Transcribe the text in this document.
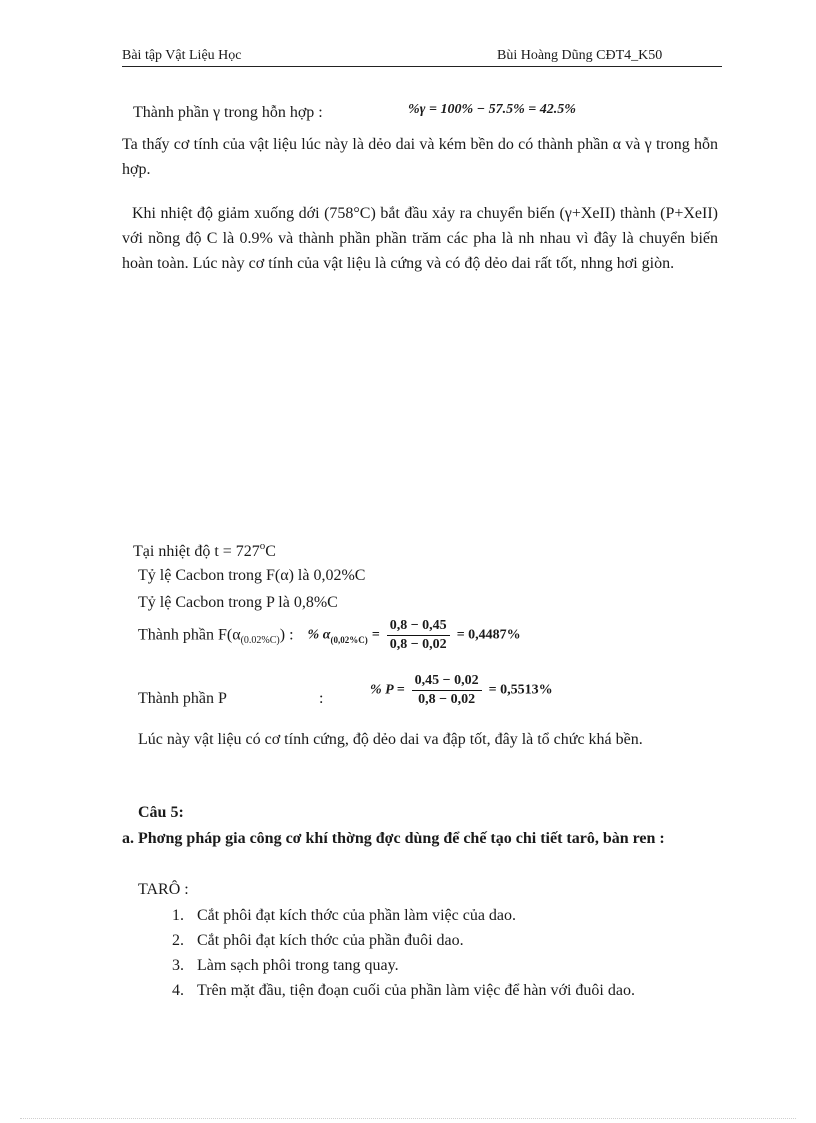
Bài tập Vật Liệu Học	Bùi Hoàng Dũng CĐT4_K50
Thành phần γ trong hỗn hợp :	%γ = 100% − 57.5% = 42.5%
Ta thấy cơ tính của vật liệu lúc này là dẻo dai và kém bền do có thành phần α và γ trong hỗn hợp.
Khi nhiệt độ giảm xuống dới (758°C) bắt đầu xảy ra chuyển biến (γ+XeII) thành (P+XeII) với nồng độ C là 0.9% và thành phần phần trăm các pha là nh nhau vì đây là chuyển biến hoàn toàn. Lúc này cơ tính của vật liệu là cứng và có độ dẻo dai rất tốt, nhng hơi giòn.
Tại nhiệt độ $t = 727^oC$
Tỷ lệ Cacbon trong F(α) là 0,02%C
Tỷ lệ Cacbon trong P là 0,8%C
Thành phần $F(\alpha_{(0.02\%C)})$ : % $\alpha_{(0,02\%C)} = \frac{0,8 - 0,45}{0,8 - 0,02} = 0,4487\%$
Thành phần P	:	% $P = \frac{0,45 - 0,02}{0,8 - 0,02} = 0,5513\%$
Lúc này vật liệu có cơ tính cứng, độ dẻo dai va đập tốt, đây là tổ chức khá bền.
Câu 5:
a. Phơng pháp gia công cơ khí thờng đợc dùng để chế tạo chi tiết tarô, bàn ren :
TARÔ :
1. Cắt phôi đạt kích thớc của phần làm việc của dao.
2. Cắt phôi đạt kích thớc của phần đuôi dao.
3. Làm sạch phôi trong tang quay.
4. Trên mặt đầu, tiện đoạn cuối của phần làm việc để hàn với đuôi dao.
